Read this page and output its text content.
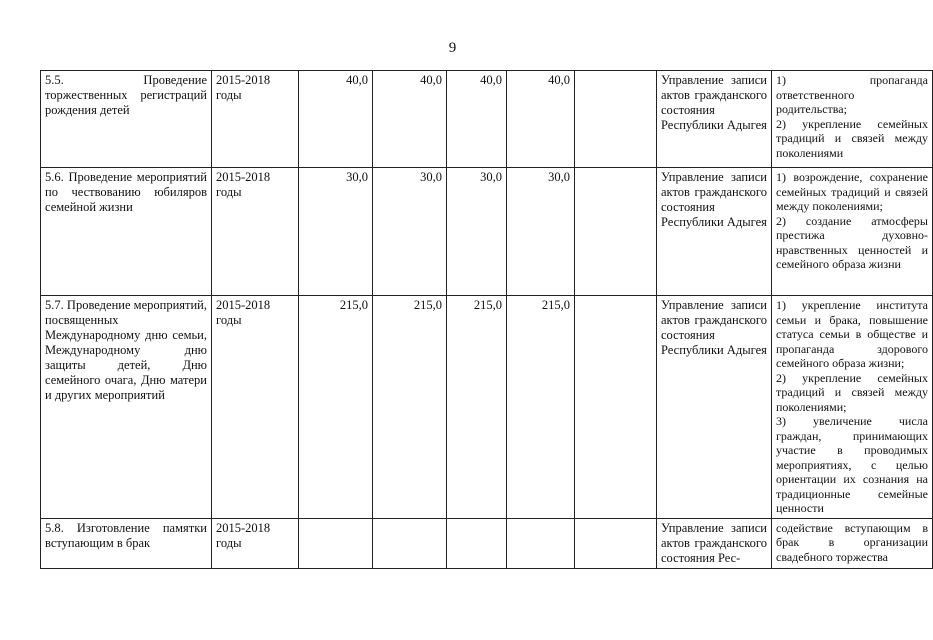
9
5.5. Проведение торжественных регистраций рождения детей	2015-2018 годы	40,0	40,0	40,0	40,0		Управление записи актов гражданского состояния Республики Адыгея	1) пропаганда ответственного родительства;
2) укрепление семейных традиций и связей между поколениями

5.6. Проведение мероприятий по чествованию юбиляров семейной жизни	2015-2018 годы	30,0	30,0	30,0	30,0		Управление записи актов гражданского состояния Республики Адыгея	1) возрождение, сохранение семейных традиций и связей между поколениями;
2) создание атмосферы престижа духовно-нравственных ценностей и семейного образа жизни

5.7. Проведение мероприятий, посвященных Международному дню семьи, Международному дню защиты детей, Дню семейного очага, Дню матери и других мероприятий	2015-2018 годы	215,0	215,0	215,0	215,0		Управление записи актов гражданского состояния Республики Адыгея	1) укрепление института семьи и брака, повышение статуса семьи в обществе и пропаганда здорового семейного образа жизни;
2) укрепление семейных традиций и связей между поколениями;
3) увеличение числа граждан, принимающих участие в проводимых мероприятиях, с целью ориентации их сознания на традиционные семейные ценности

5.8. Изготовление памятки вступающим в брак	2015-2018 годы						Управление записи актов гражданского состояния Рес-	содействие вступающим в брак в организации свадебного торжества
